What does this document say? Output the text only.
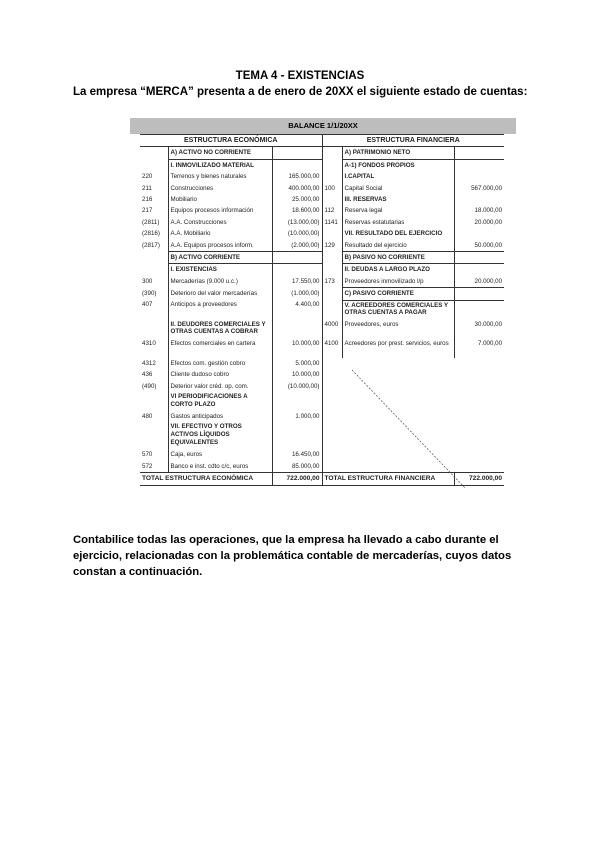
TEMA 4 - EXISTENCIAS
La empresa “MERCA” presenta a de enero de 20XX el siguiente estado de cuentas:
BALANCE 1/1/20XX
ESTRUCTURA ECONÓMICA			ESTRUCTURA FINANCIERA		
	A) ACTIVO NO CORRIENTE			A) PATRIMONIO NETO	
	I. INMOVILIZADO MATERIAL			A-1) FONDOS PROPIOS	
220	Terrenos y bienes naturales	165.000,00		I.CAPITAL	
211	Construcciones	400.000,00	100	Capital Social	567.000,00
216	Mobiliario	25.000,00		III. RESERVAS	
217	Equipos procesos información	18.600,00	112	Reserva legal	18.000,00
(2811)	A.A. Construcciones	(13.000,00)	1141	Reservas estatutarias	20.000,00
(2816)	A.A. Mobiliario	(10.000,00)		VII. RESULTADO DEL EJERCICIO	
(2817)	A.A. Equipos procesos inform.	(2.000,00)	129	Resultado del ejercicio	50.000,00
	B) ACTIVO CORRIENTE			B) PASIVO NO CORRIENTE	
	I. EXISTENCIAS			II. DEUDAS A LARGO PLAZO	
300	Mercaderías (9.000 u.c.)	17.550,00	173	Proveedores inmovilizado l/p	20.000,00
(390)	Deterioro del valor mercaderías	(1.000,00)		C) PASIVO CORRIENTE	
407	Anticipos a proveedores	4.400,00		V. ACREEDORES COMERCIALES Y OTRAS CUENTAS A PAGAR	
	II. DEUDORES COMERCIALES Y OTRAS CUENTAS A COBRAR		4000	Proveedores, euros	30.000,00
4310	Efectos comerciales en cartera	10.000,00	4100	Acreedores por prest. servicios, euros	7.000,00
4312	Efectos com. gestión cobro	5.000,00			
436	Cliente dudoso cobro	10.000,00			
(490)	Deterior valor créd. op. com.	(10.000,00)			
	VI PERIODIFICACIONES A CORTO PLAZO				
480	Gastos anticipados	1.000,00			
	VII. EFECTIVO Y OTROS ACTIVOS LÍQUIDOS EQUIVALENTES				
570	Caja, euros	16.450,00			
572	Banco e inst. cdto c/c, euros	85.000,00			
TOTAL ESTRUCTURA ECONÓMICA		722.000,00	TOTAL ESTRUCTURA FINANCIERA		722.000,00
Contabilice todas las operaciones, que la empresa ha llevado a cabo durante el ejercicio, relacionadas con la problemática contable de mercaderías, cuyos datos constan a continuación.
